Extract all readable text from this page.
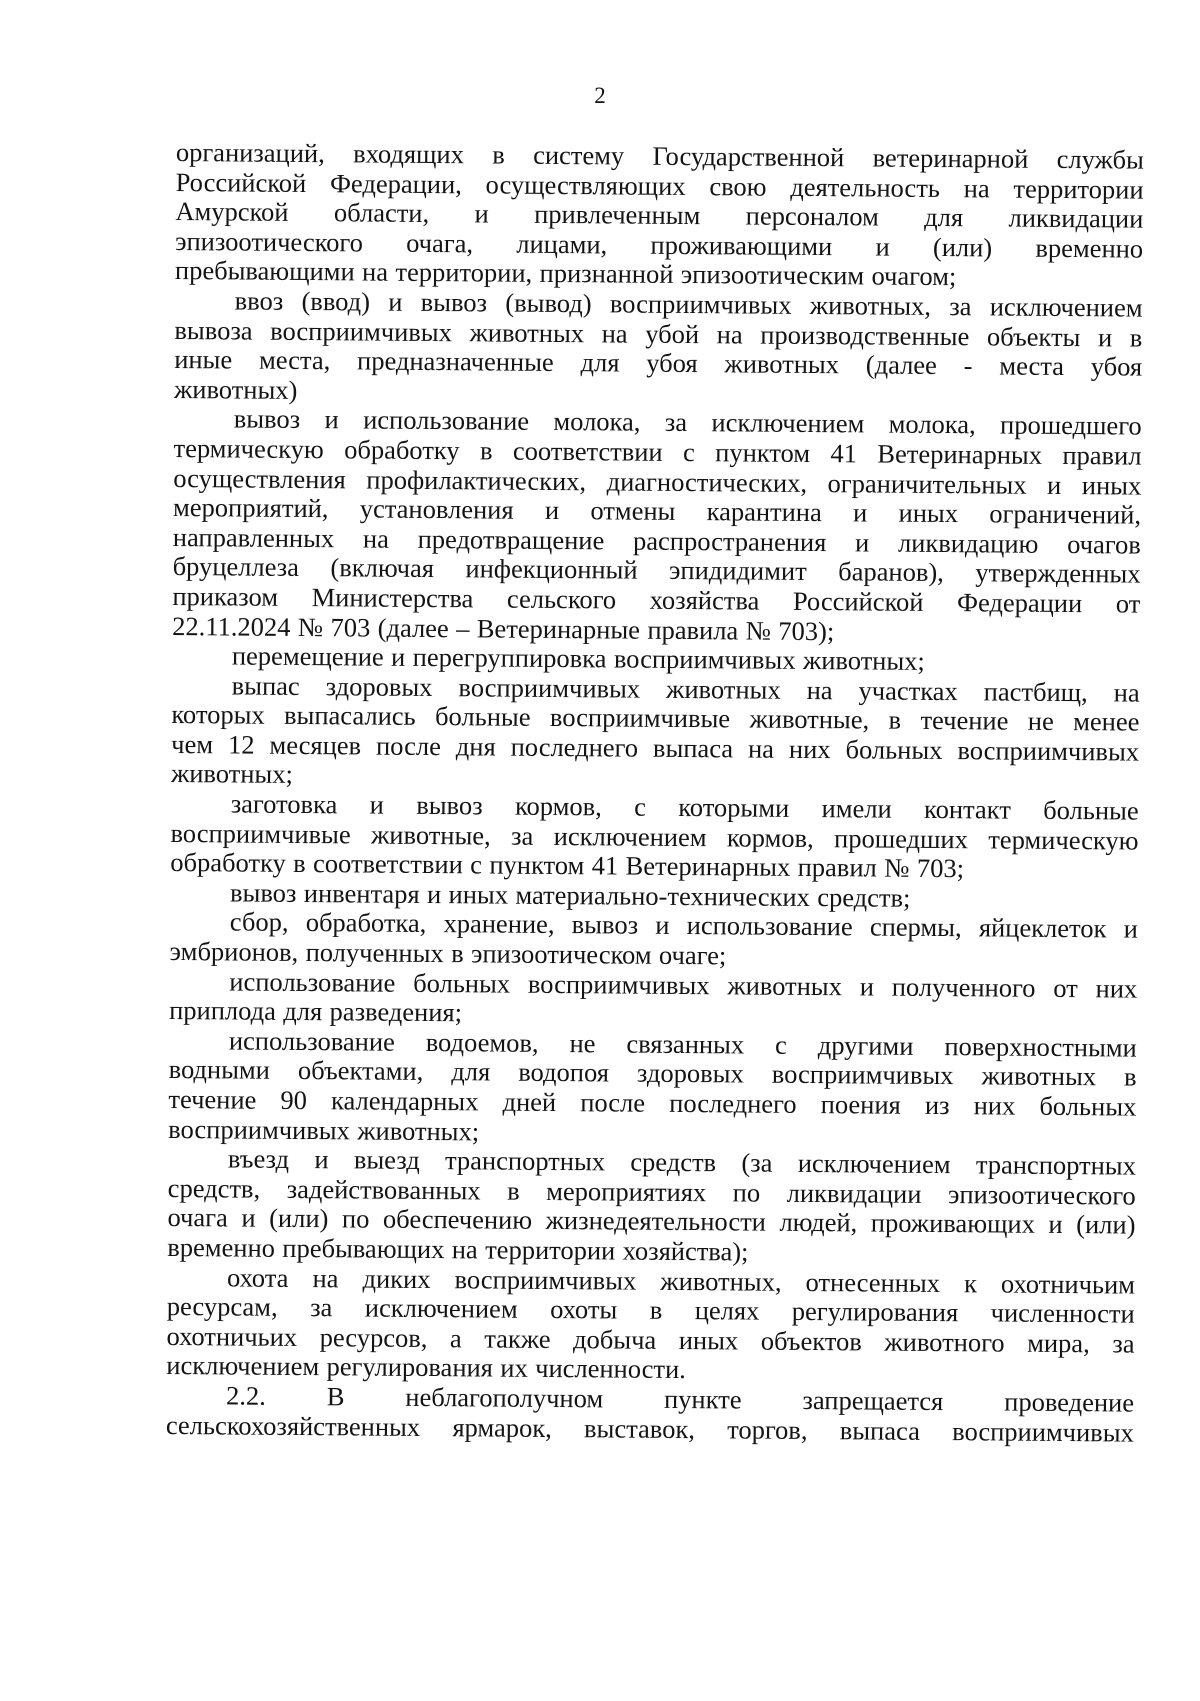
2
организаций, входящих в систему Государственной ветеринарной службы
Российской Федерации, осуществляющих свою деятельность на территории
Амурской области, и привлеченным персоналом для ликвидации
эпизоотического очага, лицами, проживающими и (или) временно
пребывающими на территории, признанной эпизоотическим очагом;
ввоз (ввод) и вывоз (вывод) восприимчивых животных, за исключением
вывоза восприимчивых животных на убой на производственные объекты и в
иные места, предназначенные для убоя животных (далее - места убоя
животных)
вывоз и использование молока, за исключением молока, прошедшего
термическую обработку в соответствии с пунктом 41 Ветеринарных правил
осуществления профилактических, диагностических, ограничительных и иных
мероприятий, установления и отмены карантина и иных ограничений,
направленных на предотвращение распространения и ликвидацию очагов
бруцеллеза (включая инфекционный эпидидимит баранов), утвержденных
приказом Министерства сельского хозяйства Российской Федерации от
22.11.2024 № 703 (далее – Ветеринарные правила № 703);
перемещение и перегруппировка восприимчивых животных;
выпас здоровых восприимчивых животных на участках пастбищ, на
которых выпасались больные восприимчивые животные, в течение не менее
чем 12 месяцев после дня последнего выпаса на них больных восприимчивых
животных;
заготовка и вывоз кормов, с которыми имели контакт больные
восприимчивые животные, за исключением кормов, прошедших термическую
обработку в соответствии с пунктом 41 Ветеринарных правил № 703;
вывоз инвентаря и иных материально-технических средств;
сбор, обработка, хранение, вывоз и использование спермы, яйцеклеток и
эмбрионов, полученных в эпизоотическом очаге;
использование больных восприимчивых животных и полученного от них
приплода для разведения;
использование водоемов, не связанных с другими поверхностными
водными объектами, для водопоя здоровых восприимчивых животных в
течение 90 календарных дней после последнего поения из них больных
восприимчивых животных;
въезд и выезд транспортных средств (за исключением транспортных
средств, задействованных в мероприятиях по ликвидации эпизоотического
очага и (или) по обеспечению жизнедеятельности людей, проживающих и (или)
временно пребывающих на территории хозяйства);
охота на диких восприимчивых животных, отнесенных к охотничьим
ресурсам, за исключением охоты в целях регулирования численности
охотничьих ресурсов, а также добыча иных объектов животного мира, за
исключением регулирования их численности.
2.2. В неблагополучном пункте запрещается проведение
сельскохозяйственных ярмарок, выставок, торгов, выпаса восприимчивых
